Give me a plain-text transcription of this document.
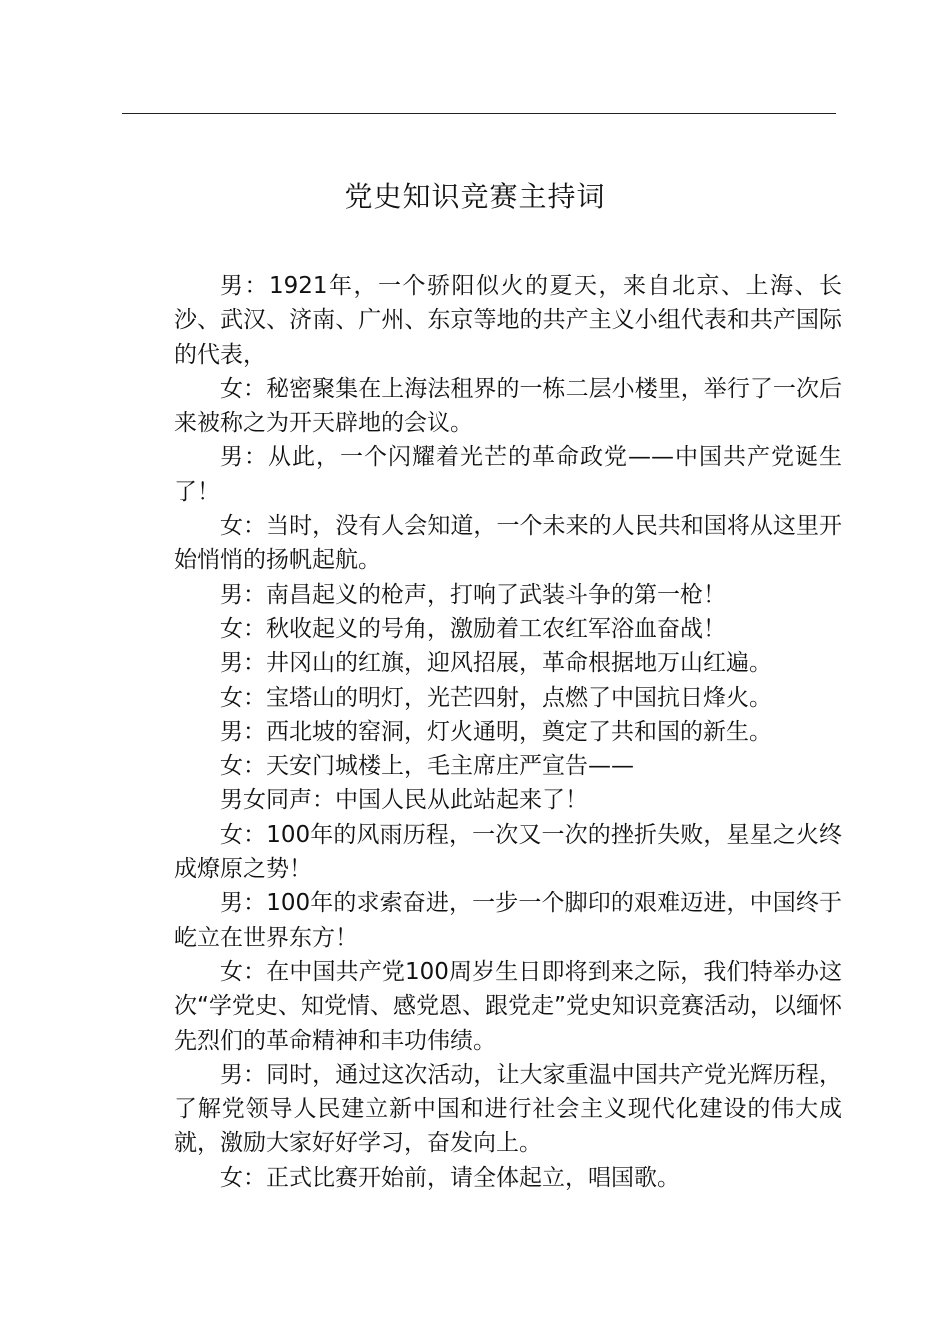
党史知识竞赛主持词

男：1921年，一个骄阳似火的夏天，来自北京、上海、长沙、武汉、济南、广州、东京等地的共产主义小组代表和共产国际的代表，

女：秘密聚集在上海法租界的一栋二层小楼里，举行了一次后来被称之为开天辟地的会议。

男：从此，一个闪耀着光芒的革命政党——中国共产党诞生了！

女：当时，没有人会知道，一个未来的人民共和国将从这里开始悄悄的扬帆起航。

男：南昌起义的枪声，打响了武装斗争的第一枪！

女：秋收起义的号角，激励着工农红军浴血奋战！

男：井冈山的红旗，迎风招展，革命根据地万山红遍。

女：宝塔山的明灯，光芒四射，点燃了中国抗日烽火。

男：西北坡的窑洞，灯火通明，奠定了共和国的新生。

女：天安门城楼上，毛主席庄严宣告——

男女同声：中国人民从此站起来了！

女：100年的风雨历程，一次又一次的挫折失败，星星之火终成燎原之势！

男：100年的求索奋进，一步一个脚印的艰难迈进，中国终于屹立在世界东方！

女：在中国共产党100周岁生日即将到来之际，我们特举办这次“学党史、知党情、感党恩、跟党走”党史知识竞赛活动，以缅怀先烈们的革命精神和丰功伟绩。

男：同时，通过这次活动，让大家重温中国共产党光辉历程，了解党领导人民建立新中国和进行社会主义现代化建设的伟大成就，激励大家好好学习，奋发向上。

女：正式比赛开始前，请全体起立，唱国歌。
